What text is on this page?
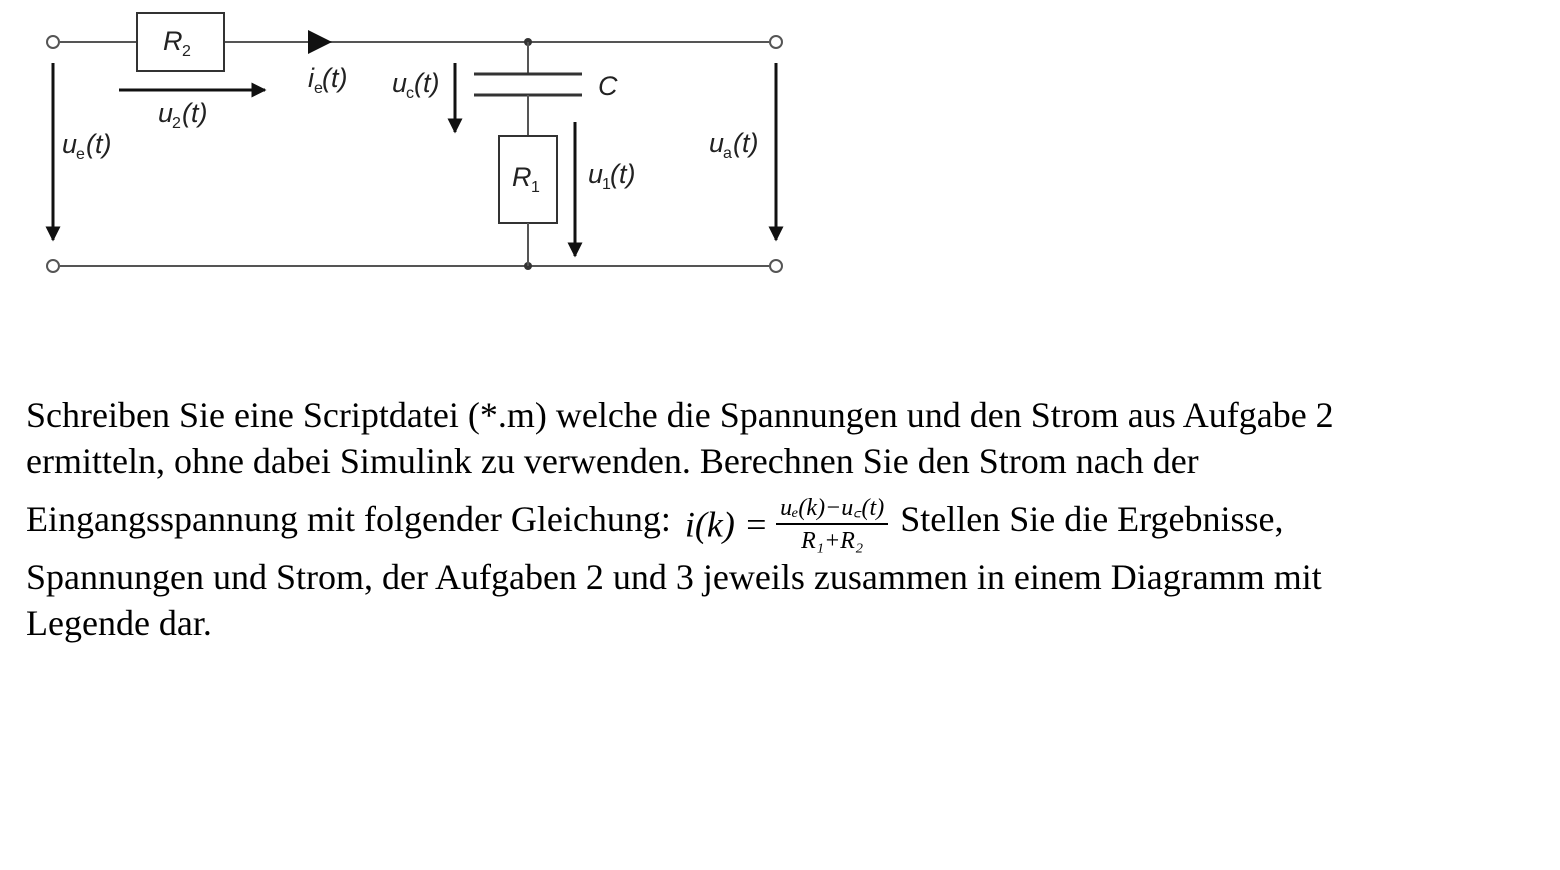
R 2
i e (t)
u
2 (t)
u
e (t)
C
u
c (t)
R 1 u
1 (t)
u
a (t)
Schreiben Sie eine Scriptdatei (*.m) welche die Spannungen und den Strom aus Aufgabe 2
ermitteln, ohne dabei Simulink zu verwenden. Berechnen Sie den Strom nach der
Eingangsspannung mit folgender Gleichung: $i(k) = \frac{\text{uₑ(k)−u꜀(t)}}{\text{R₁+R₂}}$ Stellen Sie die Ergebnisse,
Spannungen und Strom, der Aufgaben 2 und 3 jeweils zusammen in einem Diagramm mit
Legende dar.
